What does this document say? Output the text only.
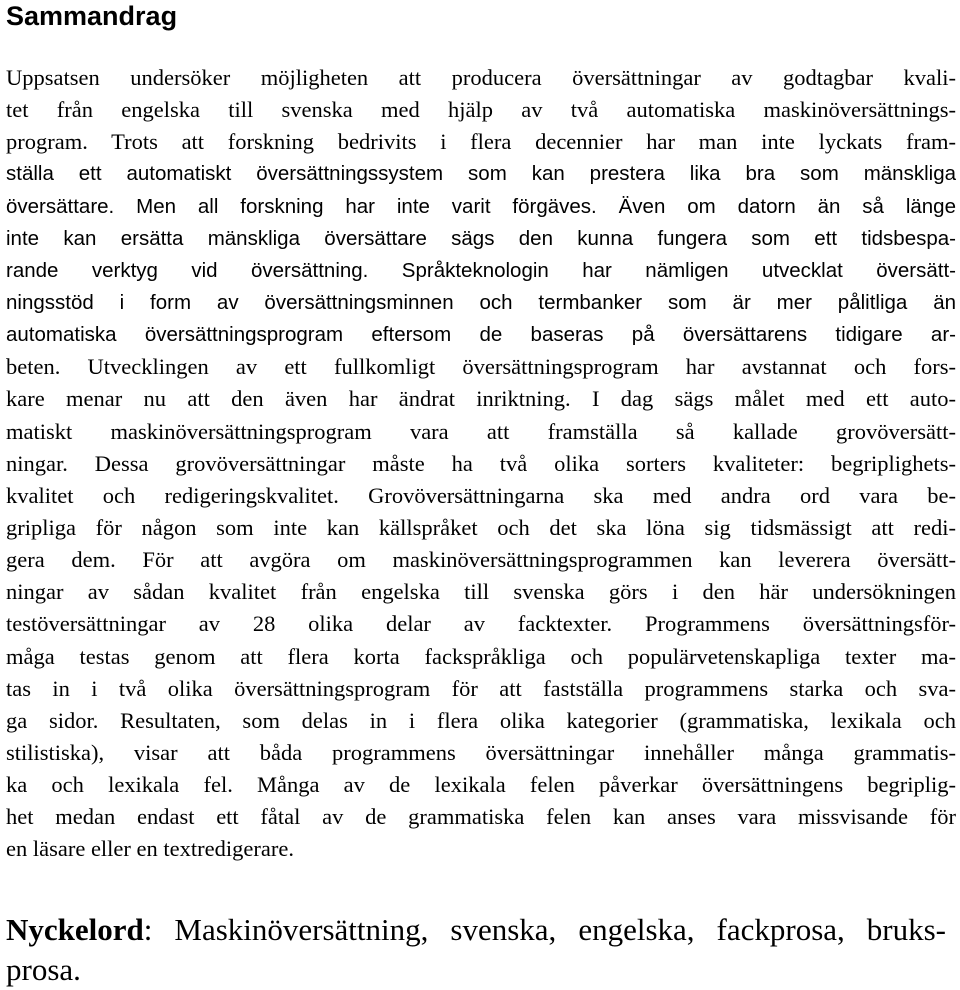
Sammandrag
Uppsatsen undersöker möjligheten att producera översättningar av godtagbar kvali-
tet från engelska till svenska med hjälp av två automatiska maskinöversättnings-
program. Trots att forskning bedrivits i flera decennier har man inte lyckats fram-
ställa ett automatiskt översättningssystem som kan prestera lika bra som mänskliga
översättare. Men all forskning har inte varit förgäves. Även om datorn än så länge
inte kan ersätta mänskliga översättare sägs den kunna fungera som ett tidsbespa-
rande verktyg vid översättning. Språkteknologin har nämligen utvecklat översätt-
ningsstöd i form av översättningsminnen och termbanker som är mer pålitliga än
automatiska översättningsprogram eftersom de baseras på översättarens tidigare ar-
beten. Utvecklingen av ett fullkomligt översättningsprogram har avstannat och fors-
kare menar nu att den även har ändrat inriktning. I dag sägs målet med ett auto-
matiskt maskinöversättningsprogram vara att framställa så kallade grovöversätt-
ningar. Dessa grovöversättningar måste ha två olika sorters kvaliteter: begriplighets-
kvalitet och redigeringskvalitet. Grovöversättningarna ska med andra ord vara be-
gripliga för någon som inte kan källspråket och det ska löna sig tidsmässigt att redi-
gera dem. För att avgöra om maskinöversättningsprogrammen kan leverera översätt-
ningar av sådan kvalitet från engelska till svenska görs i den här undersökningen
testöversättningar av 28 olika delar av facktexter. Programmens översättningsför-
måga testas genom att flera korta fackspråkliga och populärvetenskapliga texter ma-
tas in i två olika översättningsprogram för att fastställa programmens starka och sva-
ga sidor. Resultaten, som delas in i flera olika kategorier (grammatiska, lexikala och
stilistiska), visar att båda programmens översättningar innehåller många grammatis-
ka och lexikala fel. Många av de lexikala felen påverkar översättningens begriplig-
het medan endast ett fåtal av de grammatiska felen kan anses vara missvisande för
en läsare eller en textredigerare.
Nyckelord: Maskinöversättning, svenska, engelska, fackprosa, bruks-
prosa.
